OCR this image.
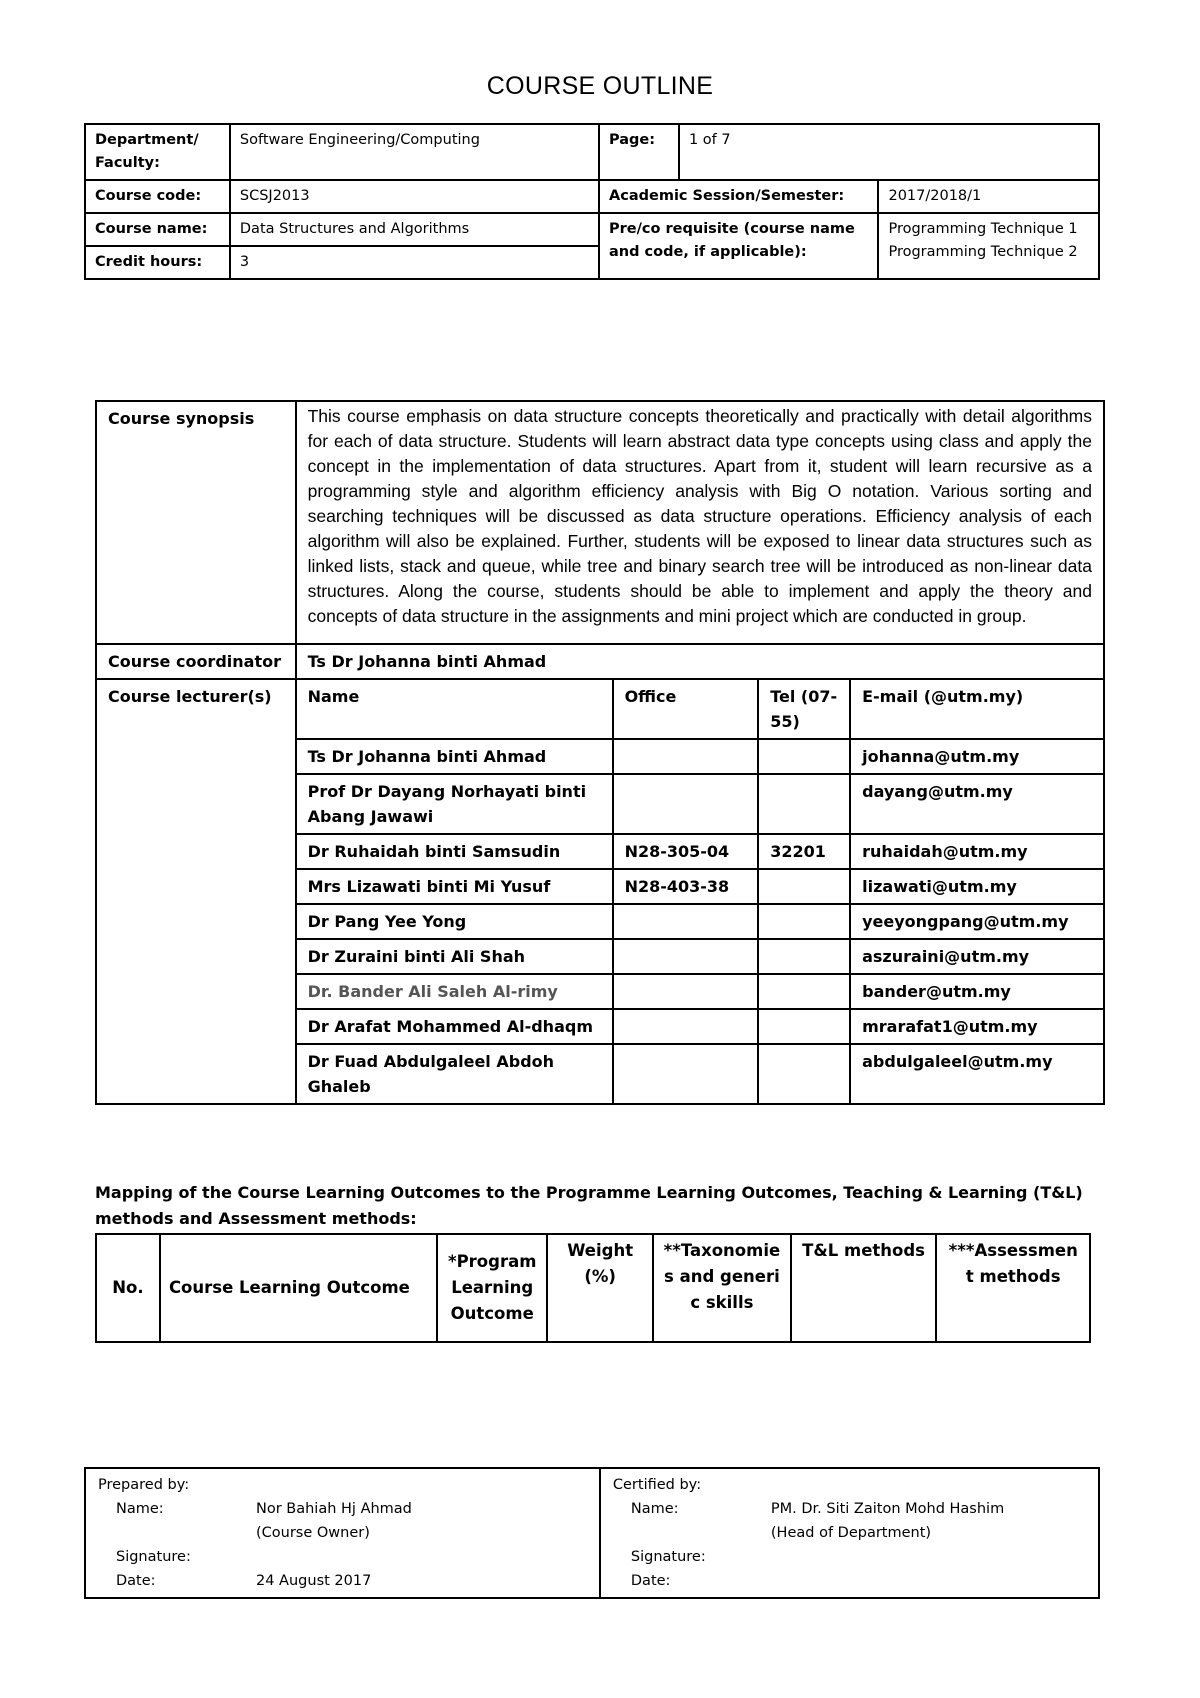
COURSE OUTLINE
Department/ Faculty:	Software Engineering/Computing	Page:	1 of 7	
Course code:	SCSJ2013	Academic Session/Semester:		2017/2018/1
Course name:	Data Structures and Algorithms	Pre/co requisite (course name and code, if applicable):		Programming Technique 1
Programming Technique 2

Credit hours:	3			
Course synopsis	This course emphasis on data structure concepts theoretically and practically with detail algorithms for each of data structure. Students will learn abstract data type concepts using class and apply the concept in the implementation of data structures. Apart from it, student will learn recursive as a programming style and algorithm efficiency analysis with Big O notation. Various sorting and searching techniques will be discussed as data structure operations. Efficiency analysis of each algorithm will also be explained. Further, students will be exposed to linear data structures such as linked lists, stack and queue, while tree and binary search tree will be introduced as non-linear data structures. Along the course, students should be able to implement and apply the theory and concepts of data structure in the assignments and mini project which are conducted in group.			
Course coordinator	Ts Dr Johanna binti Ahmad			
Course lecturer(s)	Name	Office	Tel (07-55)	E-mail (@utm.my)
	Ts Dr Johanna binti Ahmad			johanna@utm.my
	Prof Dr Dayang Norhayati binti Abang Jawawi			dayang@utm.my
	Dr Ruhaidah binti Samsudin	N28-305-04	32201	ruhaidah@utm.my
	Mrs Lizawati binti Mi Yusuf	N28-403-38		lizawati@utm.my
	Dr Pang Yee Yong			yeeyongpang@utm.my
	Dr Zuraini binti Ali Shah			aszuraini@utm.my
	Dr. Bander Ali Saleh Al-rimy			bander@utm.my
	Dr Arafat Mohammed Al-dhaqm			mrarafat1@utm.my
	Dr Fuad Abdulgaleel Abdoh Ghaleb			abdulgaleel@utm.my
Mapping of the Course Learning Outcomes to the Programme Learning Outcomes, Teaching & Learning (T&L) methods and Assessment methods:
No.	Course Learning Outcome	*Program Learning Outcome	Weight (%)	**Taxonomies and generic skills	T&L methods	***Assessment methods
Prepared by:
Name:	Nor Bahiah Hj Ahmad
(Course Owner)
Signature:
Date:	24 August 2017

Certified by:
Name:	PM. Dr. Siti Zaiton Mohd Hashim
(Head of Department)
Signature:
Date:
